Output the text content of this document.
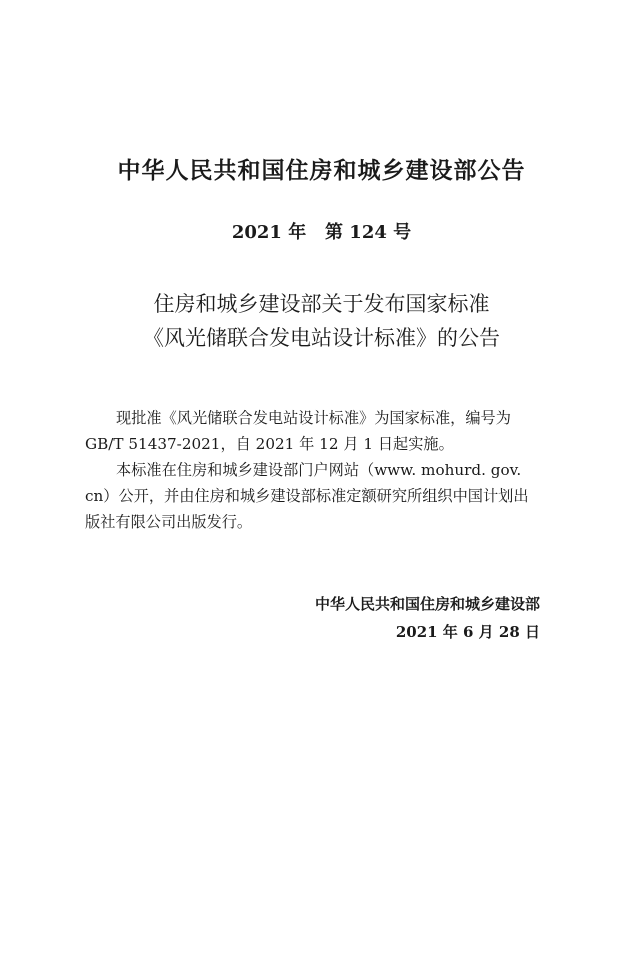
中华人民共和国住房和城乡建设部公告
2021 年   第 124 号
住房和城乡建设部关于发布国家标准
《风光储联合发电站设计标准》的公告
现批准《风光储联合发电站设计标准》为国家标准，编号为
GB/T 51437-2021，自 2021 年 12 月 1 日起实施。
本标准在住房和城乡建设部门户网站（www. mohurd. gov.
cn）公开，并由住房和城乡建设部标准定额研究所组织中国计划出
版社有限公司出版发行。
中华人民共和国住房和城乡建设部
2021 年 6 月 28 日
